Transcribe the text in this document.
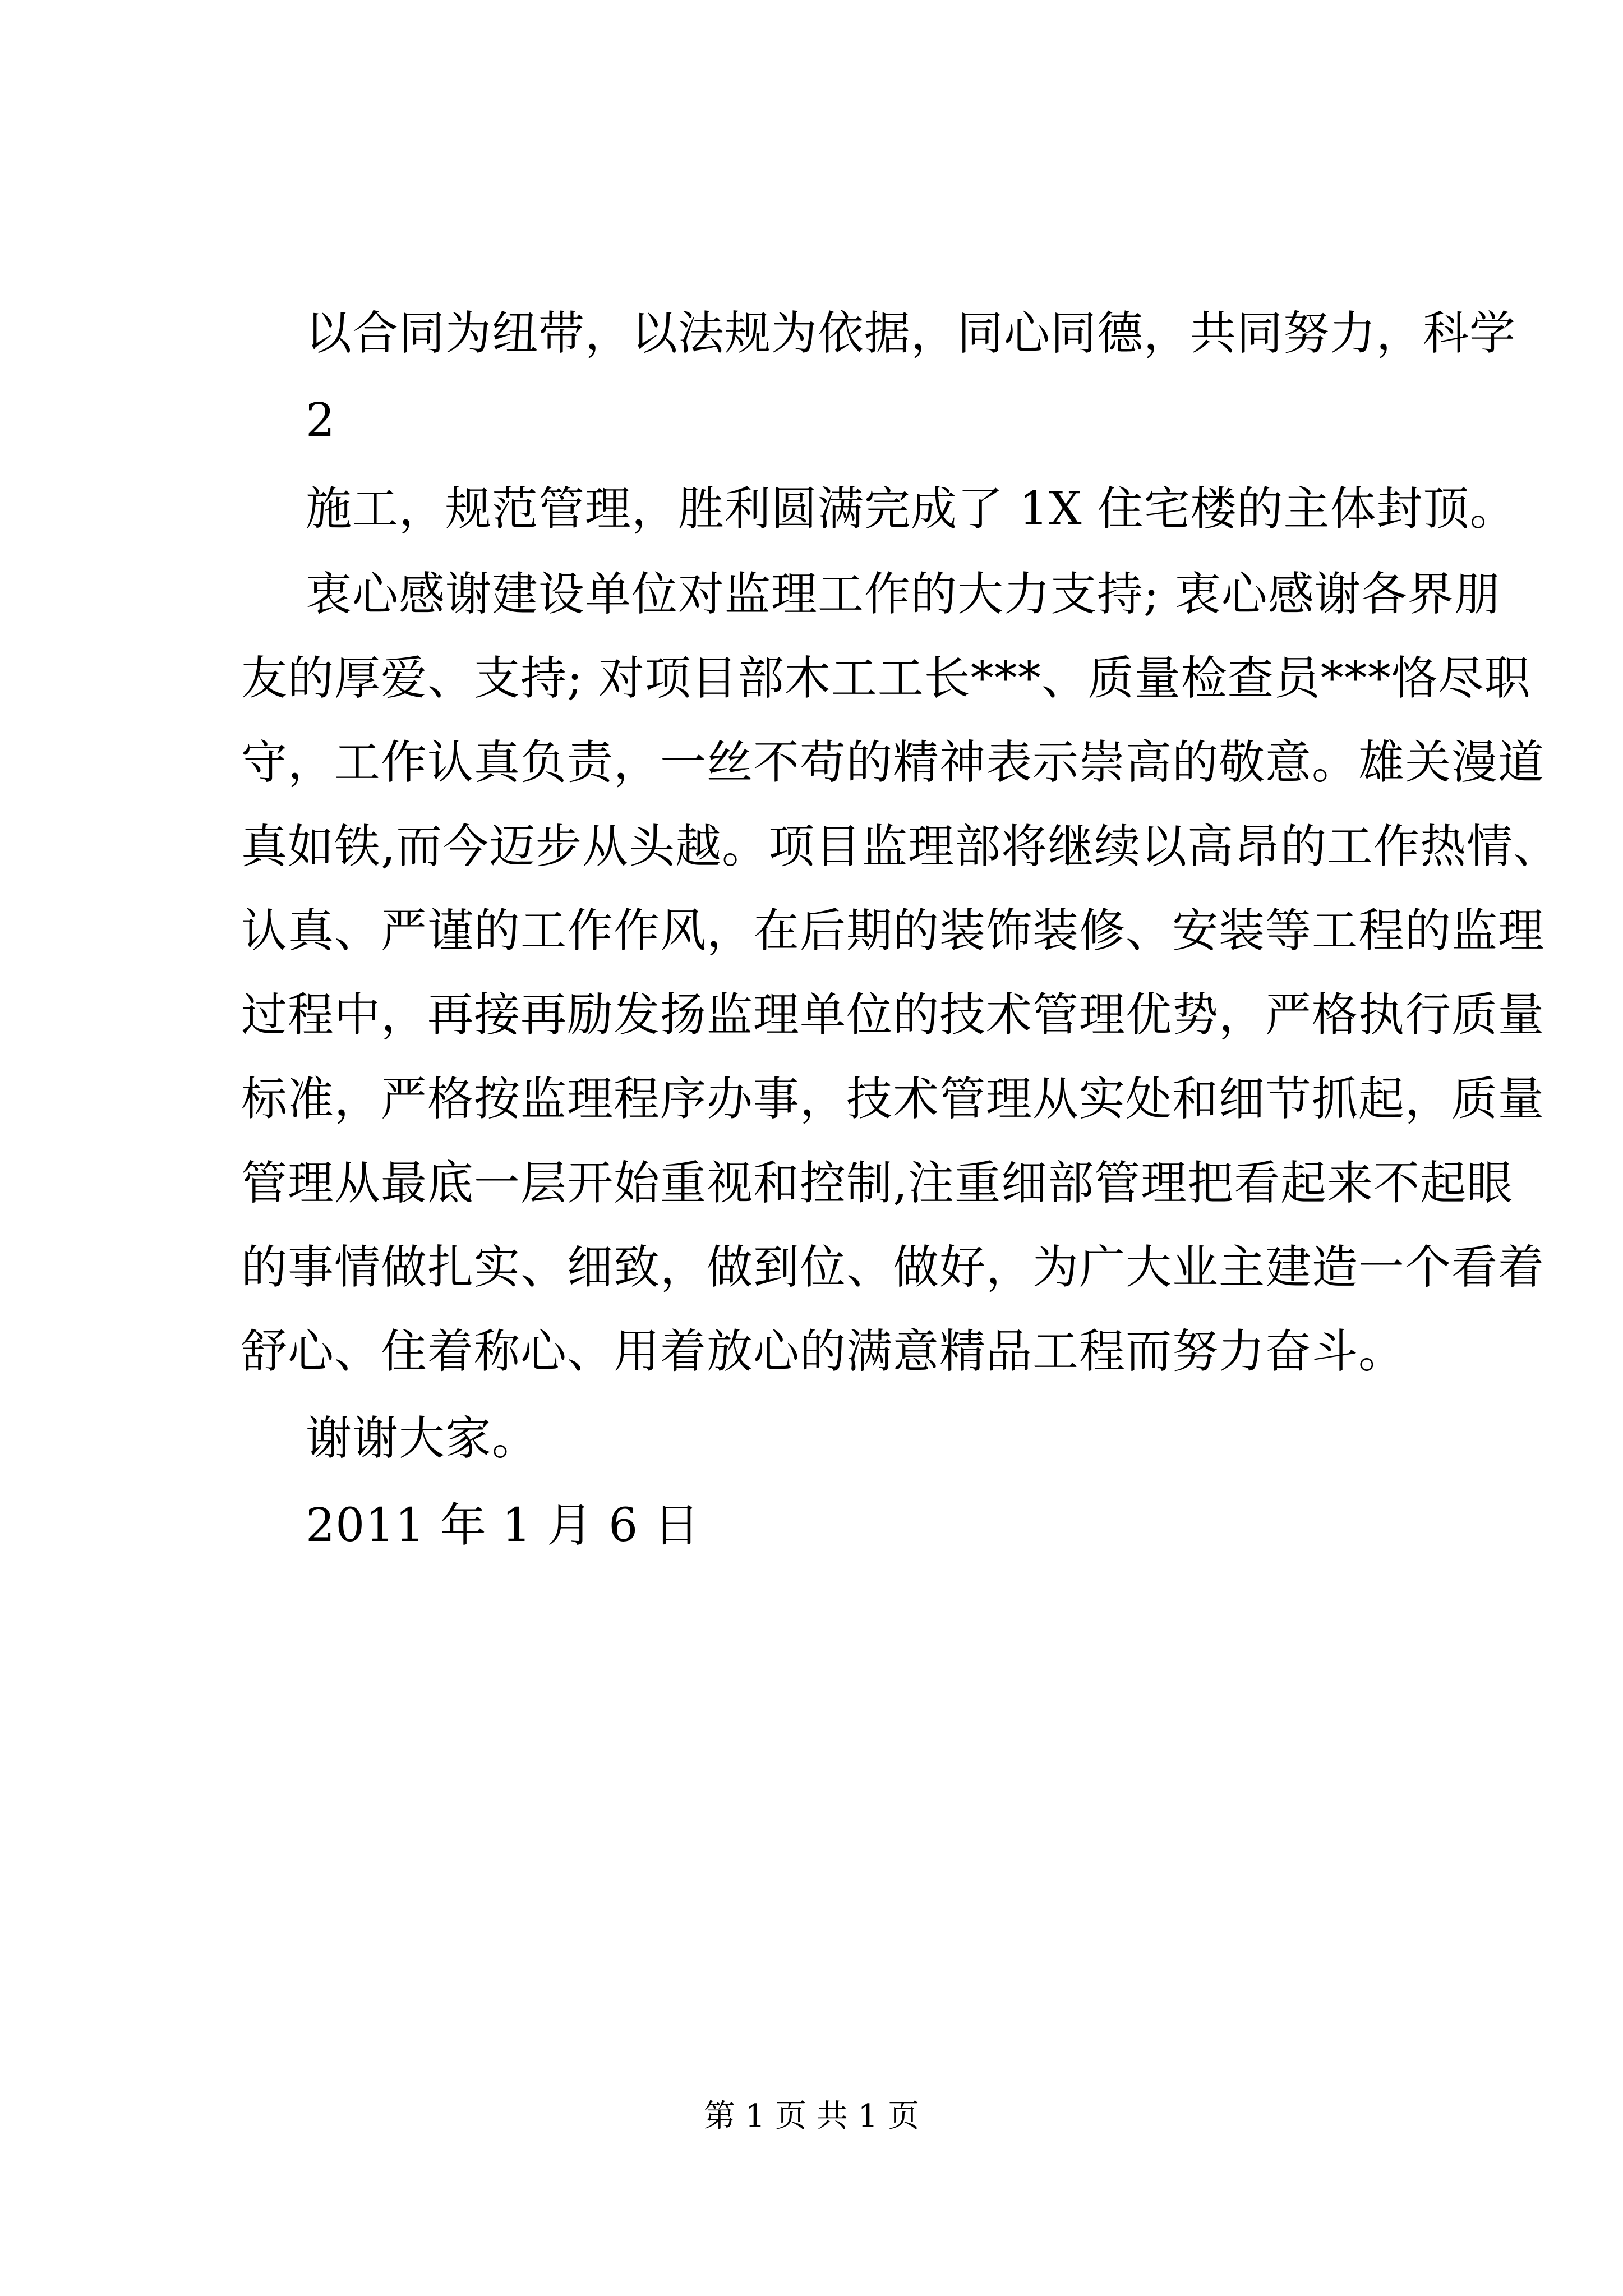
以合同为纽带，以法规为依据，同心同德，共同努力，科学
2
施工，规范管理，胜利圆满完成了 1X 住宅楼的主体封顶。
衷心感谢建设单位对监理工作的大力支持; 衷心感谢各界朋
友的厚爱、支持; 对项目部木工工长***、质量检查员***恪尽职
守，工作认真负责，一丝不苟的精神表示崇高的敬意。雄关漫道
真如铁,而今迈步从头越。项目监理部将继续以高昂的工作热情、
认真、严谨的工作作风，在后期的装饰装修、安装等工程的监理
过程中，再接再励发扬监理单位的技术管理优势，严格执行质量
标准，严格按监理程序办事，技术管理从实处和细节抓起，质量
管理从最底一层开始重视和控制,注重细部管理把看起来不起眼
的事情做扎实、细致，做到位、做好，为广大业主建造一个看着
舒心、住着称心、用着放心的满意精品工程而努力奋斗。
谢谢大家。
2011 年 1 月 6 日
第 1 页 共 1 页
